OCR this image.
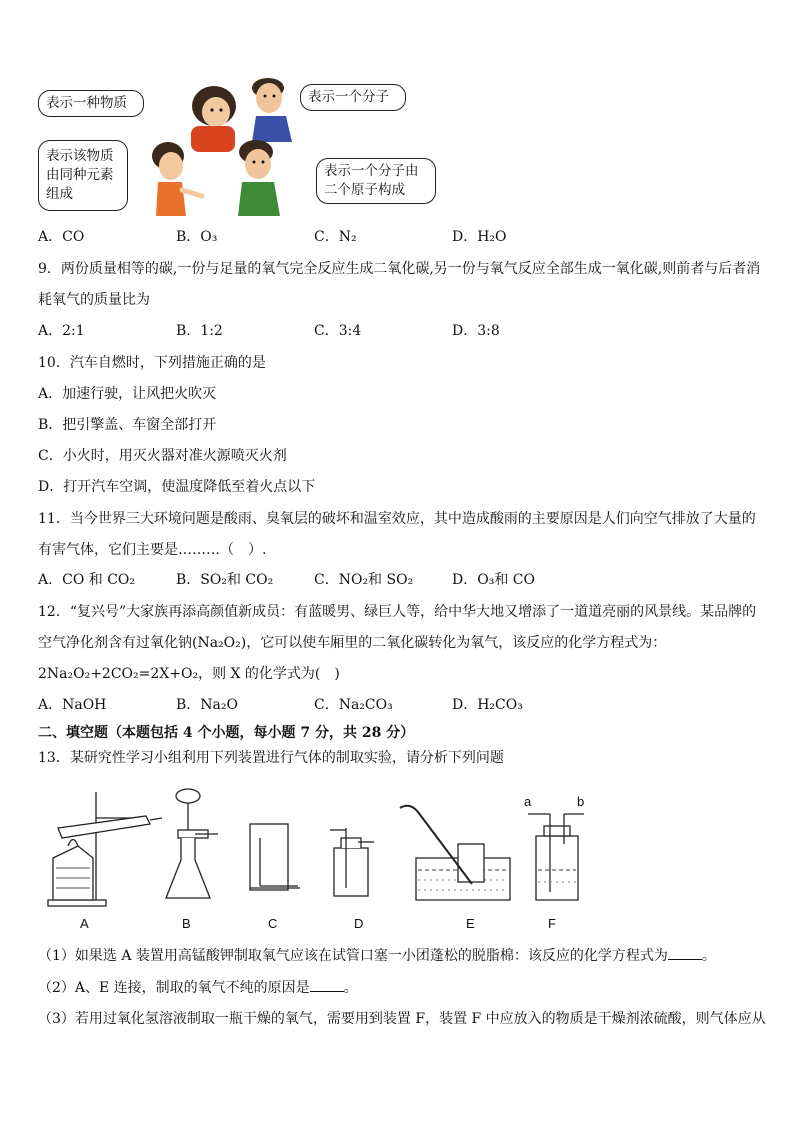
表示一种物质	表示一个分子
表示该物质由同种元素组成
表示一个分子由二个原子构成
A．CO	B．O₃	C．N₂	D．H₂O
9．两份质量相等的碳,一份与足量的氧气完全反应生成二氧化碳,另一份与氧气反应全部生成一氧化碳,则前者与后者消
耗氧气的质量比为
A．2:1	B．1:2	C．3:4	D．3:8
10．汽车自燃时，下列措施正确的是
A．加速行驶，让风把火吹灭
B．把引擎盖、车窗全部打开
C．小火时，用灭火器对准火源喷灭火剂
D．打开汽车空调，使温度降低至着火点以下
11．当今世界三大环境问题是酸雨、臭氧层的破坏和温室效应，其中造成酸雨的主要原因是人们向空气排放了大量的
有害气体，它们主要是………（　）.
A．CO 和 CO₂	B．SO₂和 CO₂	C．NO₂和 SO₂	D．O₃和 CO
12．“复兴号”大家族再添高颜值新成员：有蓝暖男、绿巨人等，给中华大地又增添了一道道亮丽的风景线。某品牌的
空气净化剂含有过氧化钠(Na₂O₂)，它可以使车厢里的二氧化碳转化为氧气，该反应的化学方程式为：
2Na₂O₂+2CO₂=2X+O₂，则 X 的化学式为(　)
A．NaOH	B．Na₂O	C．Na₂CO₃	D．H₂CO₃
二、填空题（本题包括 4 个小题，每小题 7 分，共 28 分）
13．某研究性学习小组利用下列装置进行气体的制取实验，请分析下列问题
a	b
A	B	C	D	E	F
（1）如果选 A 装置用高锰酸钾制取氧气应该在试管口塞一小团蓬松的脱脂棉：该反应的化学方程式为 。
（2）A、E 连接，制取的氧气不纯的原因是 。
（3）若用过氧化氢溶液制取一瓶干燥的氧气，需要用到装置 F，装置 F 中应放入的物质是干燥剂浓硫酸，则气体应从
